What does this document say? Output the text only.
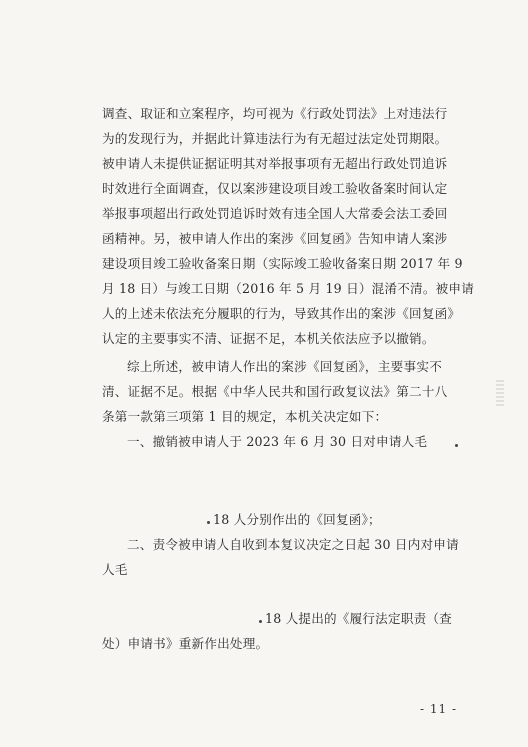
调查、取证和立案程序，均可视为《行政处罚法》上对违法行
为的发现行为，并据此计算违法行为有无超过法定处罚期限。
被申请人未提供证据证明其对举报事项有无超出行政处罚追诉
时效进行全面调查，仅以案涉建设项目竣工验收备案时间认定
举报事项超出行政处罚追诉时效有违全国人大常委会法工委回
函精神。另，被申请人作出的案涉《回复函》告知申请人案涉
建设项目竣工验收备案日期（实际竣工验收备案日期 2017 年 9
月 18 日）与竣工日期（2016 年 5 月 19 日）混淆不清。被申请
人的上述未依法充分履职的行为，导致其作出的案涉《回复函》
认定的主要事实不清、证据不足，本机关依法应予以撤销。
综上所述，被申请人作出的案涉《回复函》，主要事实不
清、证据不足。根据《中华人民共和国行政复议法》第二十八
条第一款第三项第 1 目的规定，本机关决定如下：
一、撤销被申请人于 2023 年 6 月 30 日对申请人毛
18 人分别作出的《回复函》；
二、责令被申请人自收到本复议决定之日起 30 日内对申请
人毛
18 人提出的《履行法定职责（查
处）申请书》重新作出处理。
- 11 -
